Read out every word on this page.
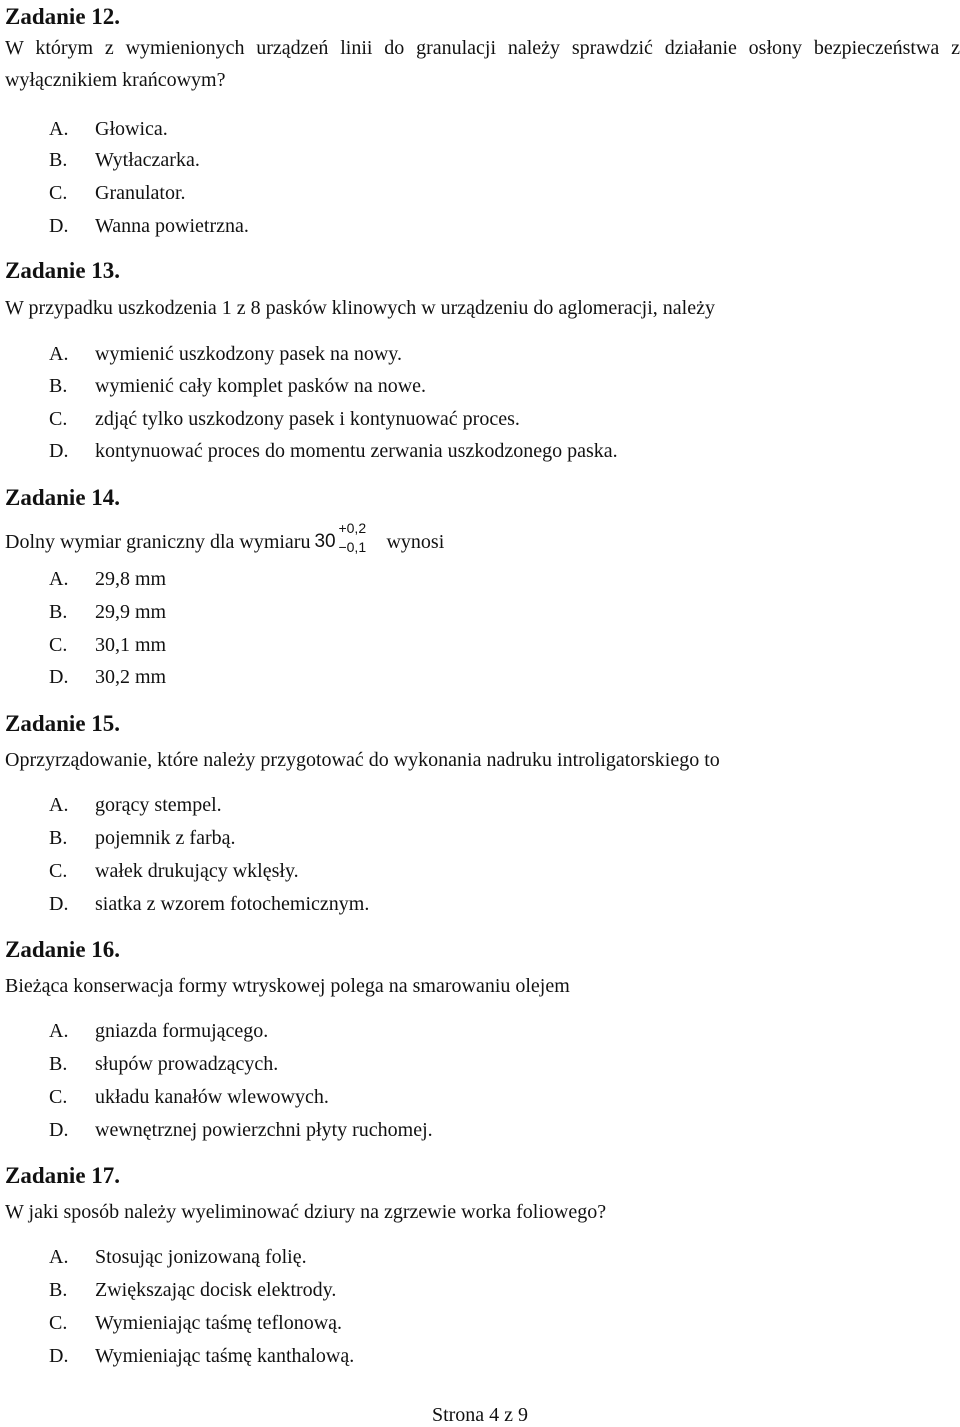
Zadanie 12.
W którym z wymienionych urządzeń linii do granulacji należy sprawdzić działanie osłony bezpieczeństwa z wyłącznikiem krańcowym?
A. Głowica.
B. Wytłaczarka.
C. Granulator.
D. Wanna powietrzna.
Zadanie 13.
W przypadku uszkodzenia 1 z 8 pasków klinowych w urządzeniu do aglomeracji, należy
A. wymienić uszkodzony pasek na nowy.
B. wymienić cały komplet pasków na nowe.
C. zdjąć tylko uszkodzony pasek i kontynuować proces.
D. kontynuować proces do momentu zerwania uszkodzonego paska.
Zadanie 14.
Dolny wymiar graniczny dla wymiaru 30
+0,2
−0,1 wynosi
A. 29,8 mm
B. 29,9 mm
C. 30,1 mm
D. 30,2 mm
Zadanie 15.
Oprzyrządowanie, które należy przygotować do wykonania nadruku introligatorskiego to
A. gorący stempel.
B. pojemnik z farbą.
C. wałek drukujący wklęsły.
D. siatka z wzorem fotochemicznym.
Zadanie 16.
Bieżąca konserwacja formy wtryskowej polega na smarowaniu olejem
A. gniazda formującego.
B. słupów prowadzących.
C. układu kanałów wlewowych.
D. wewnętrznej powierzchni płyty ruchomej.
Zadanie 17.
W jaki sposób należy wyeliminować dziury na zgrzewie worka foliowego?
A. Stosując jonizowaną folię.
B. Zwiększając docisk elektrody.
C. Wymieniając taśmę teflonową.
D. Wymieniając taśmę kanthalową.
Strona 4 z 9
